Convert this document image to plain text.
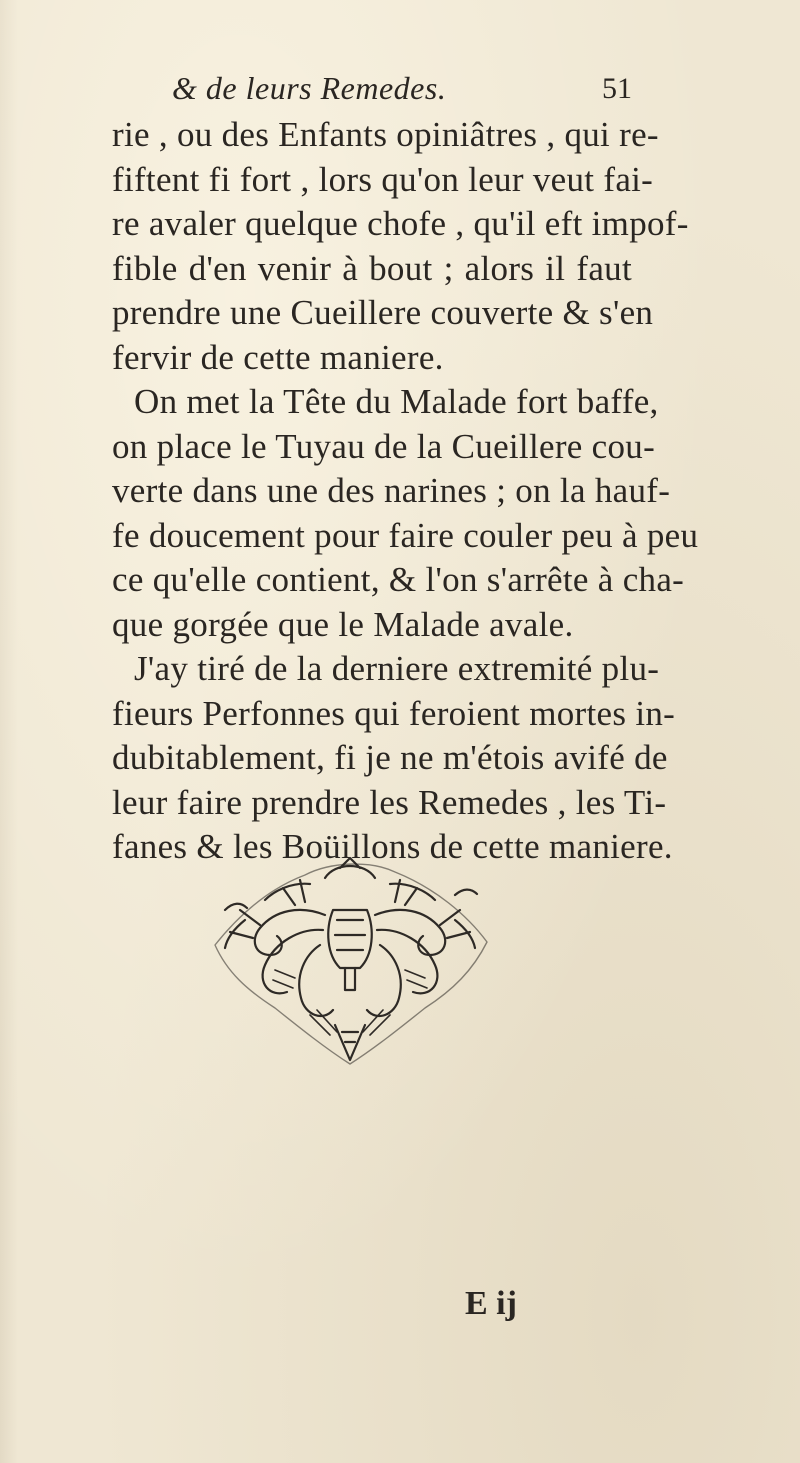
& de leurs Remedes.	51
rie , ou des Enfants opiniâtres , qui re-
fiftent fi fort , lors qu'on leur veut fai-
re avaler quelque chofe , qu'il eft impof-
fible d'en venir à bout ; alors il faut
prendre une Cueillere couverte & s'en
fervir de cette maniere.
On met la Tête du Malade fort baffe,
on place le Tuyau de la Cueillere cou-
verte dans une des narines ; on la hauf-
fe doucement pour faire couler peu à peu
ce qu'elle contient, & l'on s'arrête à cha-
que gorgée que le Malade avale.
J'ay tiré de la derniere extremité plu-
fieurs Perfonnes qui feroient mortes in-
dubitablement, fi je ne m'étois avifé de
leur faire prendre les Remedes , les Ti-
fanes & les Boüillons de cette maniere.
E ij
